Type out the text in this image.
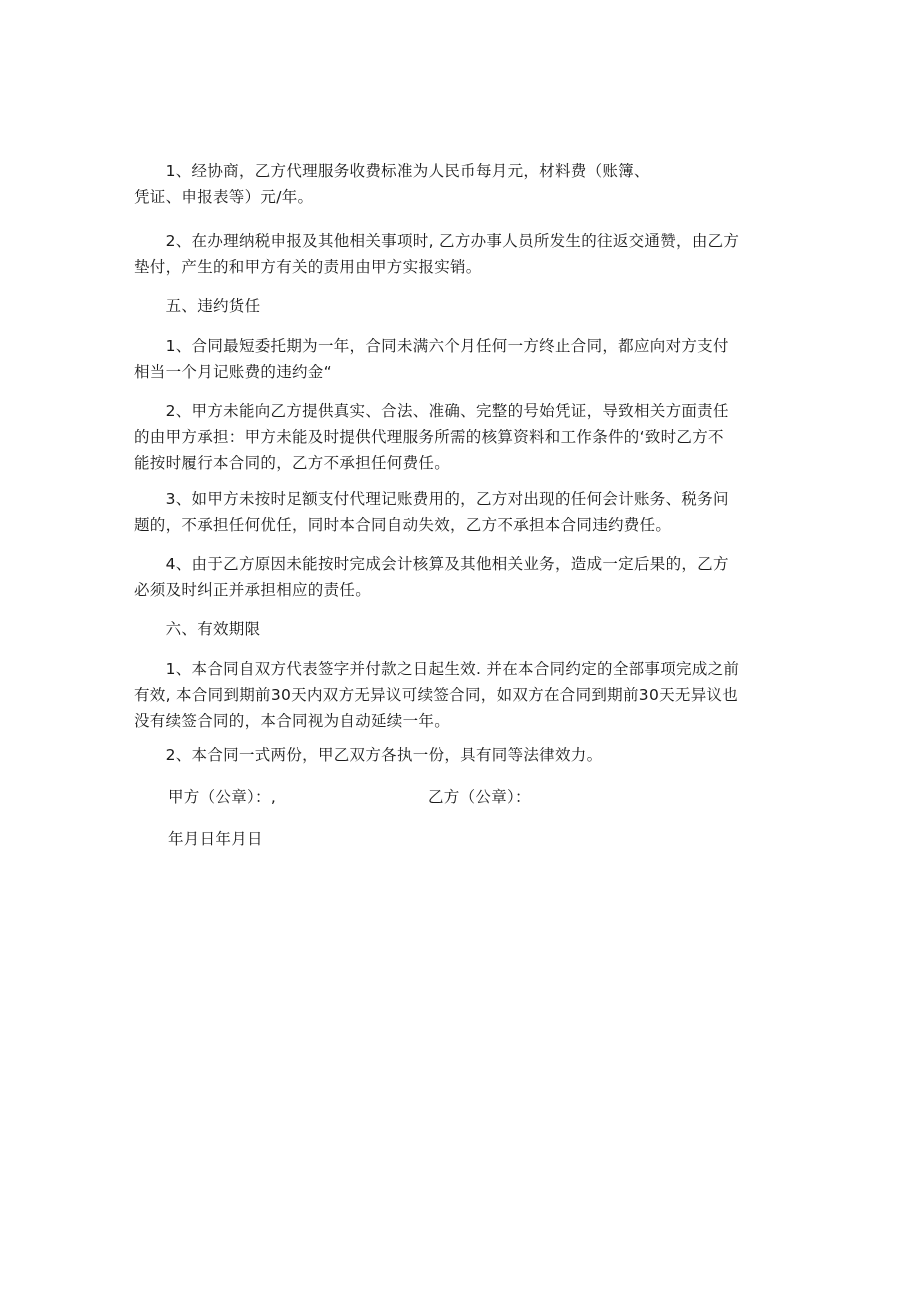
　　1、经协商，乙方代理服务收费标准为人民币每月元，材料费（账簿、
凭证、申报表等）元/年。
　　2、在办理纳税申报及其他相关事项时, 乙方办事人员所发生的往返交通赞，由乙方
垫付，产生的和甲方有关的责用由甲方实报实销。
　　五、违约货任
　　1、合同最短委托期为一年，合同未满六个月任何一方终止合同，都应向对方支付
相当一个月记账费的违约金“
　　2、甲方未能向乙方提供真实、合法、准确、完整的号始凭证，导致相关方面责任
的由甲方承担：甲方未能及时提供代理服务所需的核算资料和工作条件的‘致时乙方不
能按时履行本合同的，乙方不承担任何费任。
　　3、如甲方未按时足额支付代理记账费用的，乙方对出现的任何会计账务、税务问
题的，不承担任何优任，同时本合同自动失效，乙方不承担本合同违约费任。
　　4、由于乙方原因未能按时完成会计核算及其他相关业务，造成一定后果的，乙方
必须及时纠正并承担相应的责任。
　　六、有效期限
　　1、本合同自双方代表签字并付款之日起生效. 并在本合同约定的全部事项完成之前
有效, 本合同到期前30天内双方无异议可续签合同，如双方在合同到期前30天无异议也
没有续签合同的，本合同视为自动延续一年。
　　2、本合同一式两份，甲乙双方各执一份，具有同等法律效力。
甲方（公章）：,	乙方（公章）：
年月日年月日
